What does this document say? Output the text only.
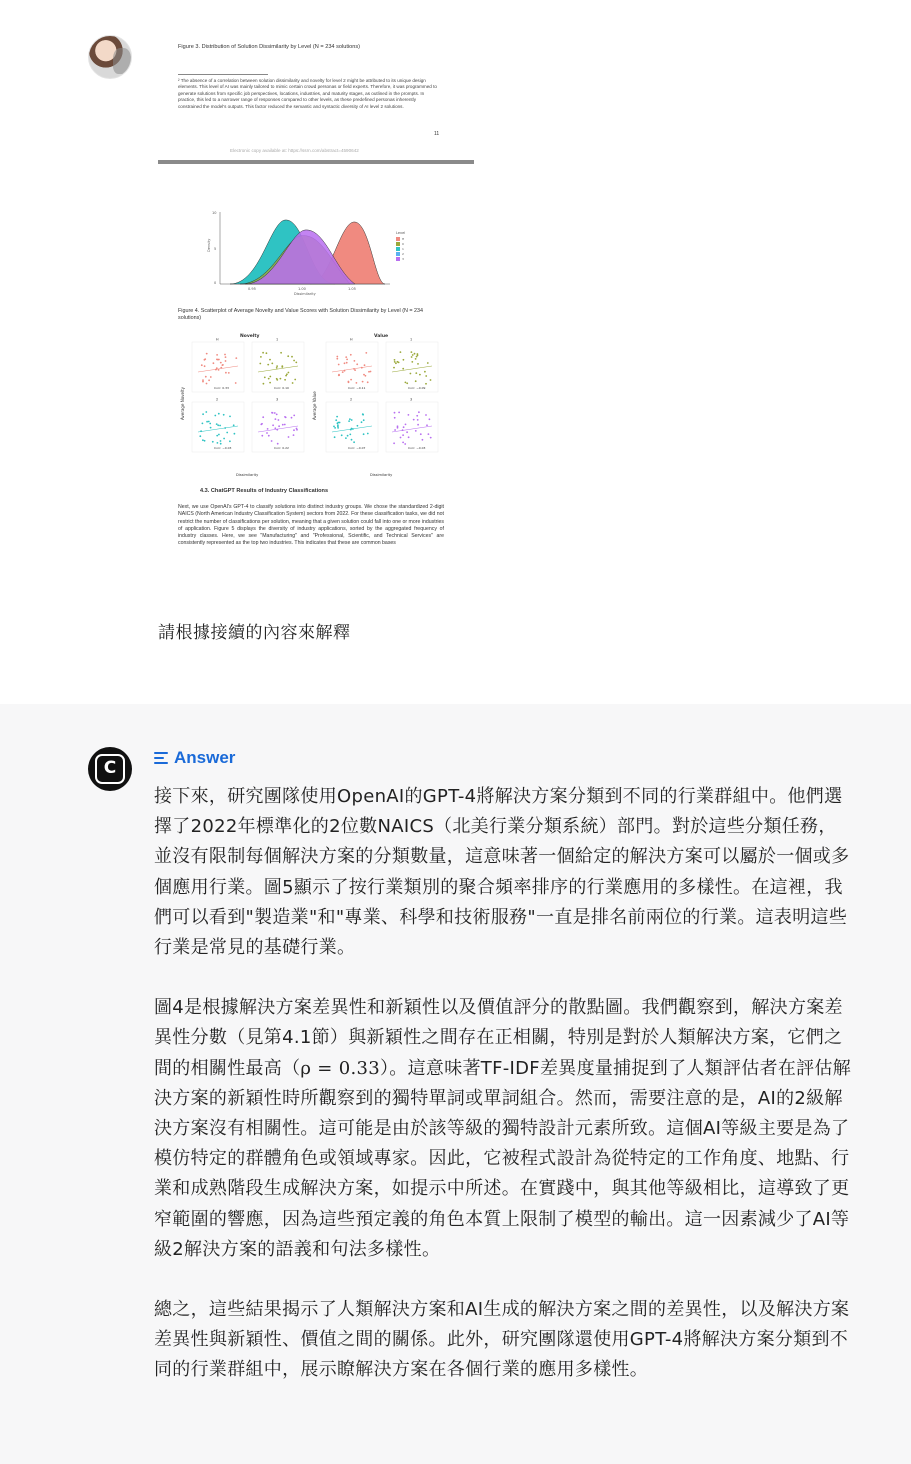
Figure 3. Distribution of Solution Dissimilarity by Level (N = 234 solutions)
² The absence of a correlation between solution dissimilarity and novelty for level 2 might be attributed to its unique design elements. This level of AI was mainly tailored to mimic certain crowd personas or field experts. Therefore, it was programmed to generate solutions from specific job perspectives, locations, industries, and maturity stages, as outlined in the prompts. In practice, this led to a narrower range of responses compared to other levels, as these predefined personas inherently constrained the model's outputs. This factor reduced the semantic and syntactic diversity of AI level 2 solutions.
11
Electronic copy available at: https://ssrn.com/abstract=4590642
10
5
0
Density
0.95	1.00	1.05
Dissimilarity
Level
H
0
1
2
3
Figure 4. Scatterplot of Average Novelty and Value Scores with Solution Dissimilarity by Level (N = 234 solutions)
Novelty	Value
Average Novelty	Average Value
Dissimilarity	Dissimilarity
H
Corr: 0.33
1
Corr: 0.10
2
Corr: −0.03
3
Corr: 0.22
H
Corr: −0.11
1
Corr: −0.09
2
Corr: −0.07
3
Corr: −0.03
4.3. ChatGPT Results of Industry Classifications
Next, we use OpenAI's GPT-4 to classify solutions into distinct industry groups. We chose the standardized 2-digit NAICS (North American Industry Classification System) sectors from 2022. For these classification tasks, we did not restrict the number of classifications per solution, meaning that a given solution could fall into one or more industries of application. Figure 5 displays the diversity of industry applications, sorted by the aggregated frequency of industry classes. Here, we see "Manufacturing" and "Professional, Scientific, and Technical Services" are consistently represented as the top two industries. This indicates that these are common bases
請根據接續的內容來解釋
C
Answer

接下來，研究團隊使用OpenAI的GPT-4將解決方案分類到不同的行業群組中。他們選擇了2022年標準化的2位數NAICS（北美行業分類系統）部門。對於這些分類任務，並沒有限制每個解決方案的分類數量，這意味著一個給定的解決方案可以屬於一個或多個應用行業。圖5顯示了按行業類別的聚合頻率排序的行業應用的多樣性。在這裡，我們可以看到"製造業"和"專業、科學和技術服務"一直是排名前兩位的行業。這表明這些行業是常見的基礎行業。

圖4是根據解決方案差異性和新穎性以及價值評分的散點圖。我們觀察到，解決方案差異性分數（見第4.1節）與新穎性之間存在正相關，特別是對於人類解決方案，它們之間的相關性最高（ρ = 0.33）。這意味著TF-IDF差異度量捕捉到了人類評估者在評估解決方案的新穎性時所觀察到的獨特單詞或單詞組合。然而，需要注意的是，AI的2級解決方案沒有相關性。這可能是由於該等級的獨特設計元素所致。這個AI等級主要是為了模仿特定的群體角色或領域專家。因此，它被程式設計為從特定的工作角度、地點、行業和成熟階段生成解決方案，如提示中所述。在實踐中，與其他等級相比，這導致了更窄範圍的響應，因為這些預定義的角色本質上限制了模型的輸出。這一因素減少了AI等級2解決方案的語義和句法多樣性。

總之，這些結果揭示了人類解決方案和AI生成的解決方案之間的差異性，以及解決方案差異性與新穎性、價值之間的關係。此外，研究團隊還使用GPT-4將解決方案分類到不同的行業群組中，展示瞭解決方案在各個行業的應用多樣性。
